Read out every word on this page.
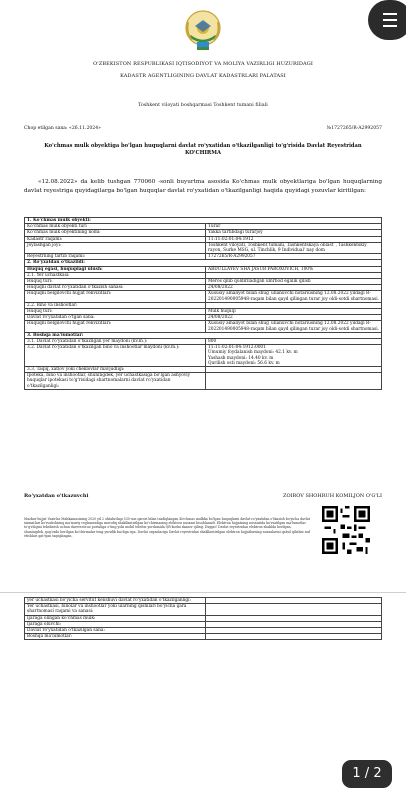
O'ZBEKISTON RESPUBLIKASI IQTISODIYOT VA MOLIYA VAZIRLIGI HUZURIDAGI
KADASTR AGENTLIGINING DAVLAT KADASTRLARI PALATASI
Toshkent viloyati boshqarmasi Toshkent tumani filiali
Chop etilgan sana: «26.11.2024»	№1727265/R-A2992057
Ko'chmas mulk obyektiga bo'lgan huquqlarni davlat ro'yxatidan o'tkazilganligi to'g'risida Davlat Reyestridan
KO'CHIRMA
«12.08.2022» da kelib tushgan 770060 -sonli buyurtma asosida Ko'chmas mulk obyektlariga bo'lgan huquqlarning davlat reyestriga quyidagilarga bo'lgan huquqlar davlat ro'yxatidan o'tkazilganligi haqida quyidagi yozuvlar kiritilgan:
1. Ko'chmas mulk obyekti:	
Ko'chmas mulk obyekti turi	Turar
Ko'chmas mulk obyektining nomi:	Yakka tartibdagi turarjoy
Kadastr raqami:	11:11:02:01:04:1912
Joylashgan joyi:	Toshkent viloyati, Toshkent tumani, Tashkentskaya oblast`, Tashkentskiy rayon, Surke MSG, ul. Tinchlik, 9 Individual' nay dom
Reyestrning tartib raqami:	1727265/R-A2992057
2. Ro'yxatdan o'tkazildi:	
Huquq egasi, huquqdagi ulush:	ABDULLAYEV SHA JASUR PAROXOVICH, 100%
2.1. Yer uchastkasi:	
Huquq turi:	Meros qilib qoldiriladigan umrbod egalik qilish
Huquqni davlat ro'yxatidan o'tkazish sanasi:	24/08/2022
Huquqni belgilovchi hujjat rekvizitlari:	Xususiy amaliyot bilan shug`ullanuvchi notariusning 12.08.2022 yildagi R-20220149000594​8-raqam bilan qayd qilingan turar joy oldi-sotdi shartnomasi.
2.2. Bino va inshootlar:	
Huquq turi:	Mulk huquqi
Davlat ro'yxatidan o'tgan sana:	24/08/2022
Huquqni belgilovchi hujjat rekvizitlari:	Xususiy amaliyot bilan shug`ullanuvchi notariusning 12.08.2022 yildagi R-20220149000594​8-raqam bilan qayd qilingan turar joy oldi-sotdi shartnomasi.
3. Boshqa ma'lumotlar:	
3.1. Davlat ro'yxatidan o'tkazilgan yer maydoni (kv.m.):	800
3.2. Davlat ro'yxatidan o'tkazilgan bino va inshootlar maydoni (kv.m.):	11:11:02:01:04:1912:0001
Umumiy foydalanish maydoni: 42.1 kv. m
Yashash maydoni: 14.40 kv. m
Qurilish osti maydoni: 56.6 kv. m
3.3. Taqiq, xatlov yoki cheklovlar mavjudligi:	
Ipoteka, bino va inshootlar, shuningdek, yer uchastkasiga bo'lgan ashyoviy huquqlar ipotekasi to'g'risidagi shartnomalarni davlat ro'yxatidan o'tkazilganligi:	
Ro'yxatdan o'tkazuvchi	ZOIROV SHOHRUH KOMILJON O'G'LI
Mazkur hujjat Vazirlar Mahkamasining 2020 yil 2 oktabrdagi 535-son qarori bilan tasdiqlangan Ko'chmas mulkka bo'lgan huquqlarni davlat ro'yxatidan o'tkazish bo'yicha davlat xizmatlari ko'rsatishning ma'muriy reglamentiga muvofiq shakllantirilgan ko'chirmaning elektron nusxasi hisoblanadi. Elektron hujjatning nusxasida ko'rsatilgan ma'lumotlar to'g'riligini tekshirish uchun davreestr.uz portaliga o'ting yoki mobil telefon yordamida QR-kodni skaner qiling. Diqqat! Davlat reyestridan elektron shaklda berilgan, shuningdek, qog'ozda berilgan ko'chirmalar teng yuridik kuchga ega. Davlat organlariga Davlat reyestridan shakllantirilgan elektron hujjatlarning nusxalarini qabul qilishni rad etishlari qat'iyan taqiqlangan.
yer uchastkasi bo'yicha servitut kelishuvi davlat ro'yxatidan o'tkazilganligi:	
Yer uchastkasi, binolar va inshootlar yoki ularning qismlari bo'yicha ijara shartnomasi raqami va sanasi:	
Ijaraga olingan ko'chmas mulk:	
Ijaraga oluvchi:	
Davlat ro'yxatidan o'tkazilgan sana:	
Boshqa ma'lumotlar:	
1 / 2
